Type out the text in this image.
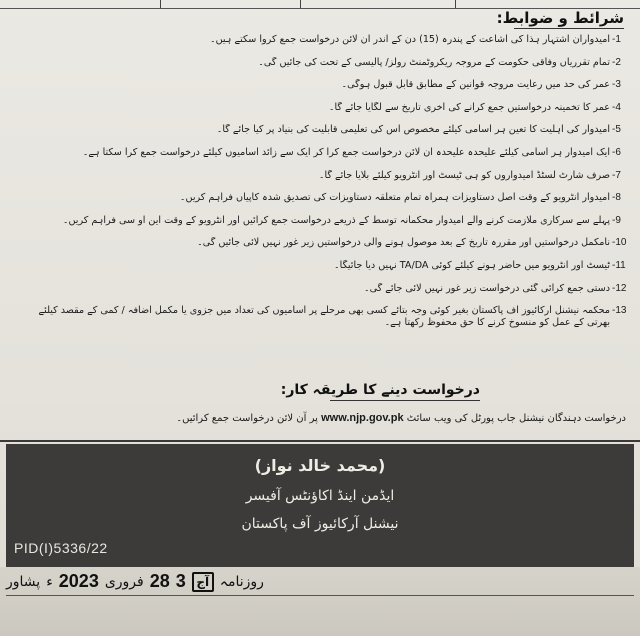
شرائط و ضوابط:
-1
امیدواران اشتہار ہذا کی اشاعت کے پندرہ (15) دن کے اندر آن لائن درخواست جمع کروا سکتے ہیں۔
-2
تمام تقرریاں وفاقی حکومت کے مروجہ ریکروٹمنٹ رولز/ پالیسی کے تحت کی جائیں گی۔
-3
عمر کی حد میں رعایت مروجہ قوانین کے مطابق قابل قبول ہوگی۔
-4
عمر کا تخمینہ درخواستیں جمع کرانے کی آخری تاریخ سے لگایا جائے گا۔
-5
امیدوار کی اہلیت کا تعین ہر اسامی کیلئے مخصوص اس کی تعلیمی قابلیت کی بنیاد پر کیا جائے گا۔
-6
ایک امیدوار ہر اسامی کیلئے علیحدہ علیحدہ آن لائن درخواست جمع کرا کر ایک سے زائد اسامیوں کیلئے درخواست جمع کرا سکتا ہے۔
-7
صرف شارٹ لسٹڈ امیدواروں کو ہی ٹیسٹ اور انٹرویو کیلئے بلایا جائے گا۔
-8
امیدوار انٹرویو کے وقت اصل دستاویزات ہمراہ تمام متعلقہ دستاویزات کی تصدیق شدہ کاپیاں فراہم کریں۔
-9
پہلے سے سرکاری ملازمت کرنے والے امیدوار محکمانہ توسط کے ذریعے درخواست جمع کرائیں اور انٹرویو کے وقت این او سی فراہم کریں۔
-10
نامکمل درخواستیں اور مقررہ تاریخ کے بعد موصول ہونے والی درخواستیں زیر غور نہیں لائی جائیں گی۔
-11
ٹیسٹ اور انٹرویو میں حاضر ہونے کیلئے کوئی TA/DA نہیں دیا جائیگا۔
-12
دستی جمع کرائی گئی درخواست زیر غور نہیں لائی جائے گی۔
-13
محکمہ نیشنل آرکائیوز آف پاکستان بغیر کوئی وجہ بتائے کسی بھی مرحلے پر اسامیوں کی تعداد میں جزوی یا مکمل اضافہ / کمی کے مقصد کیلئے بھرتی کے عمل کو منسوخ کرنے کا حق محفوظ رکھتا ہے۔
درخواست دینے کا طریقہ کار:
درخواست دہندگان نیشنل جاب پورٹل کی ویب سائٹ www.njp.gov.pk پر آن لائن درخواست جمع کرائیں۔
(محمد خالد نواز)
ایڈمن اینڈ اکاؤنٹس آفیسر
نیشنل آرکائیوز آف پاکستان
PID(I)5336/22
روزنامہ
آج
3
28
فروری
2023
ء
پشاور
